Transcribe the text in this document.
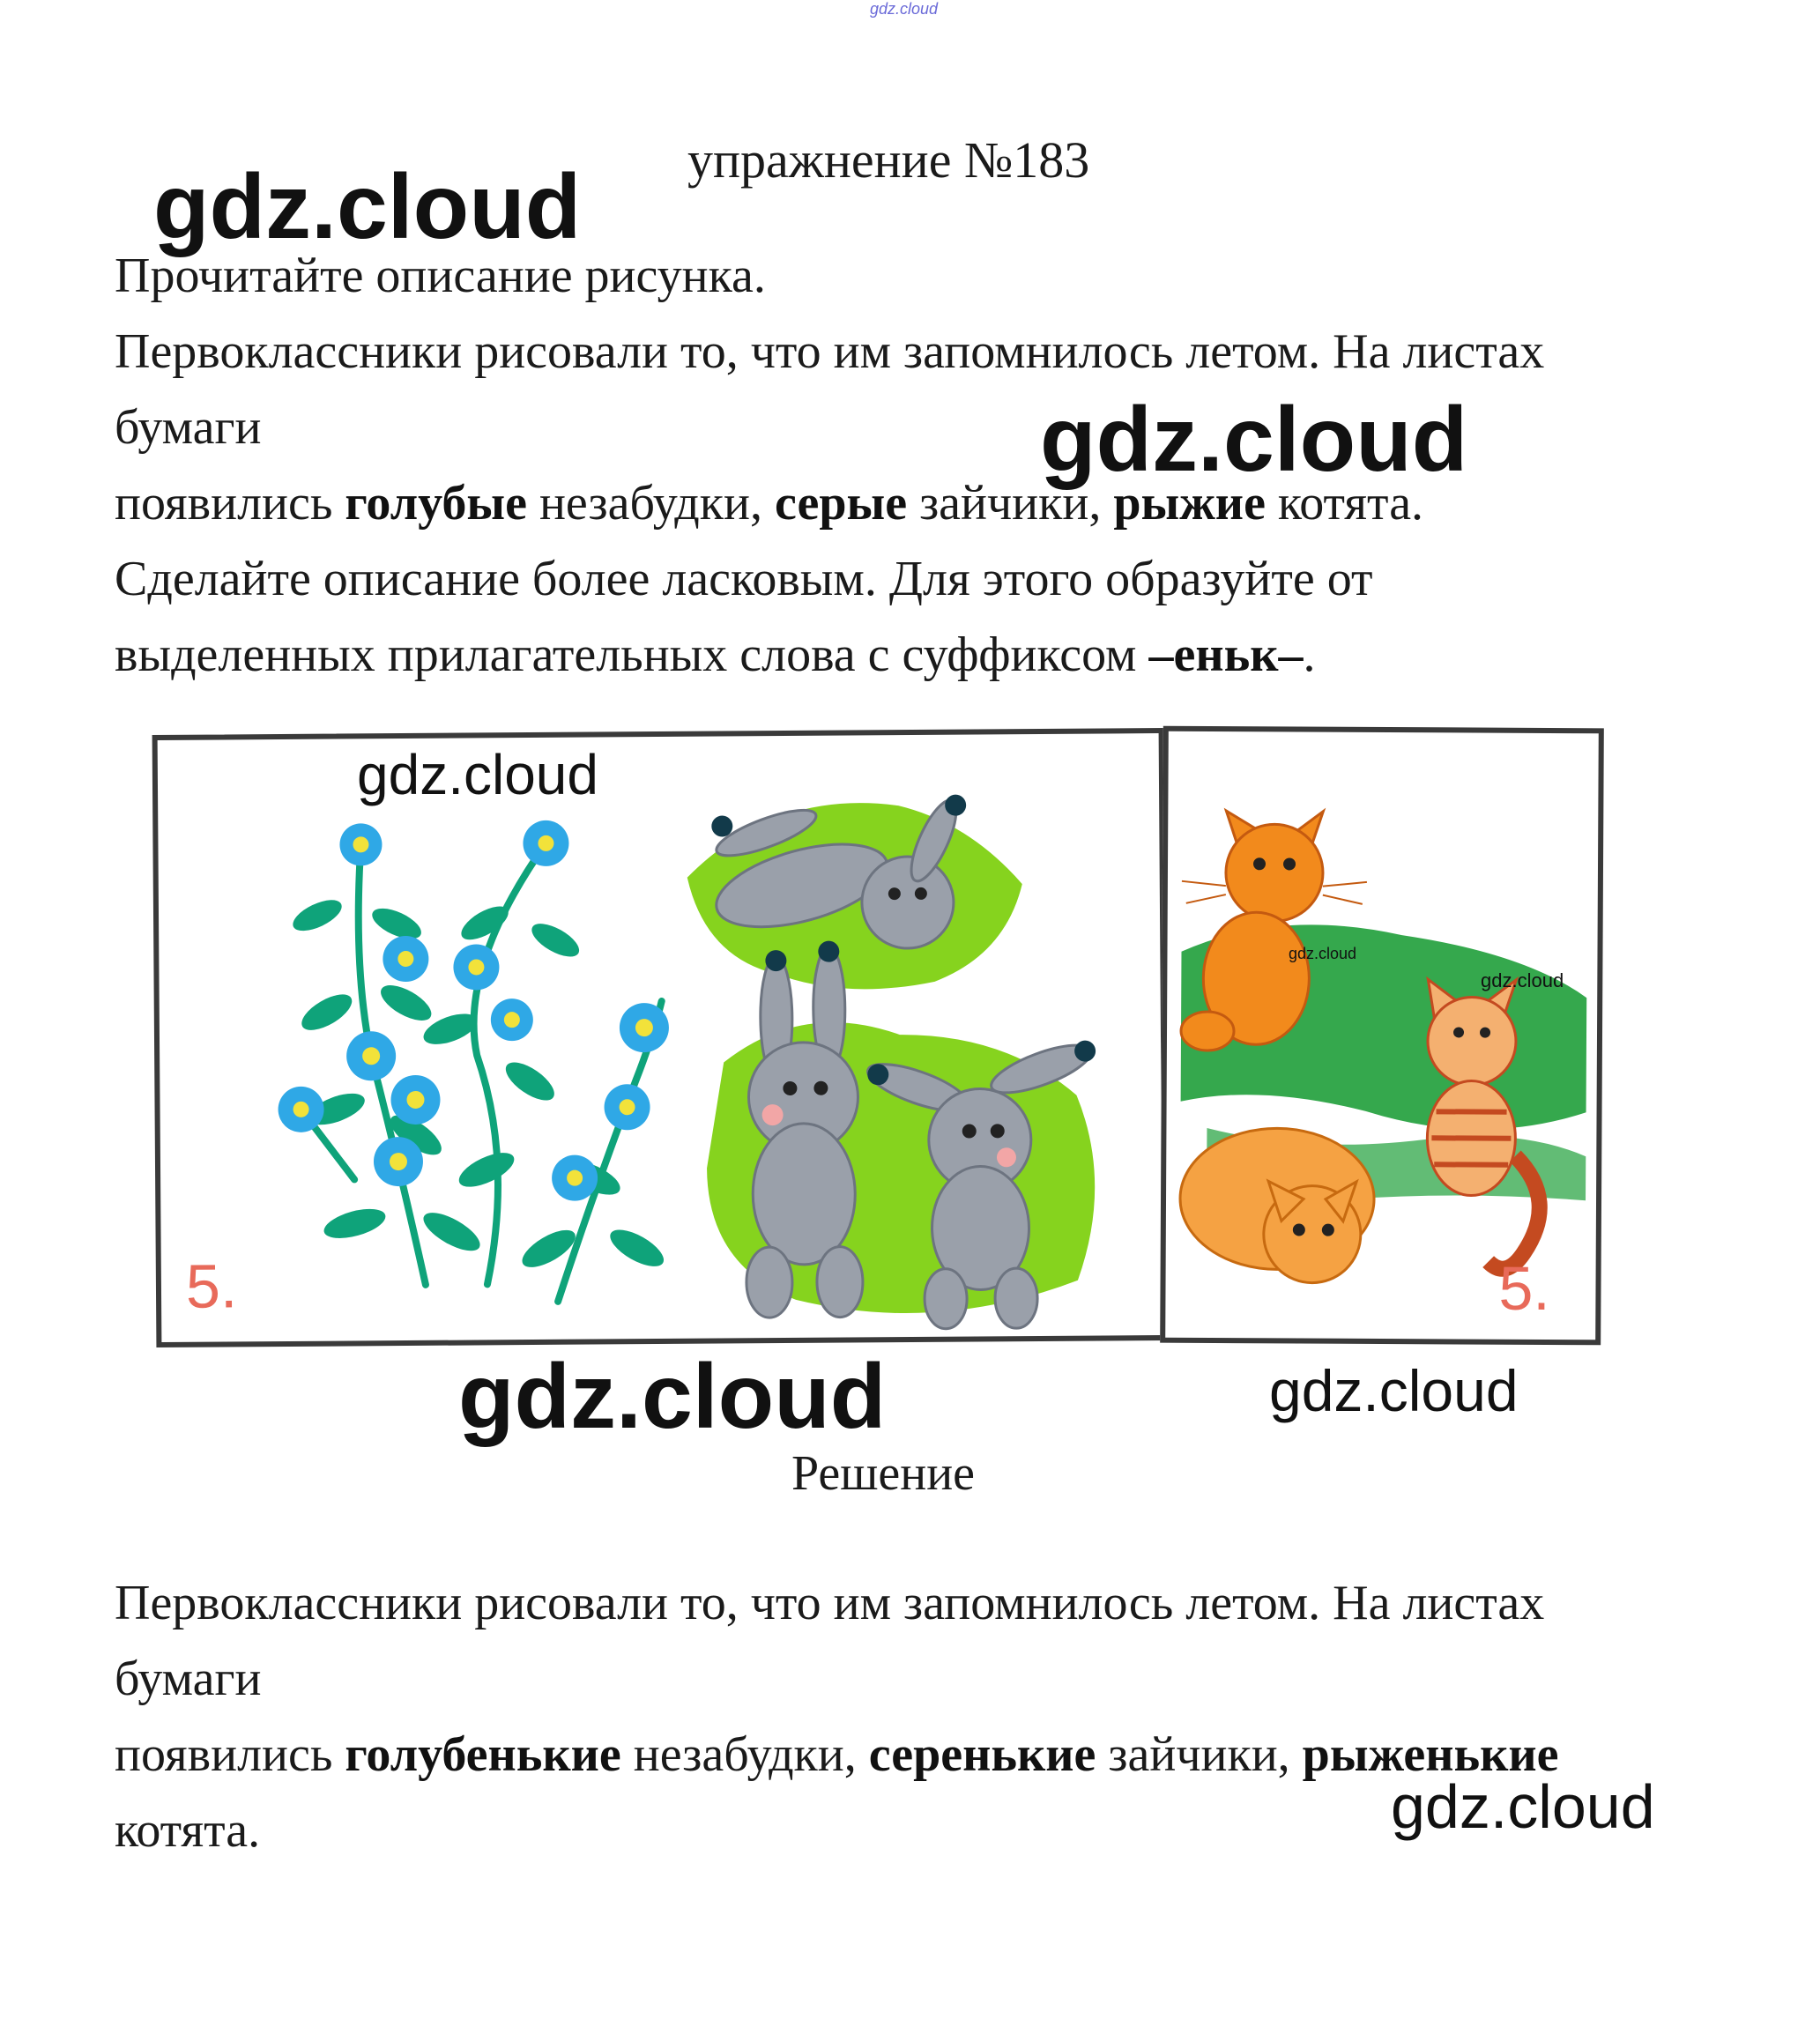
gdz.cloud
упражнение №183
gdz.cloud
Прочитайте описание рисунка.
Первоклассники рисовали то, что им запомнилось летом. На листах
бумаги	gdz.cloud
появились голубые незабудки, серые зайчики, рыжие котята.
Сделайте описание более ласковым. Для этого образуйте от
выделенных прилагательных слова с суффиксом –еньк–.
5.	5.
gdz.cloud
gdz.cloud
gdz.cloud
gdz.cloud	gdz.cloud
Решение
Первоклассники рисовали то, что им запомнилось летом. На листах
бумаги
появились голубенькие незабудки, серенькие зайчики, рыженькие
gdz.cloud
котята.
